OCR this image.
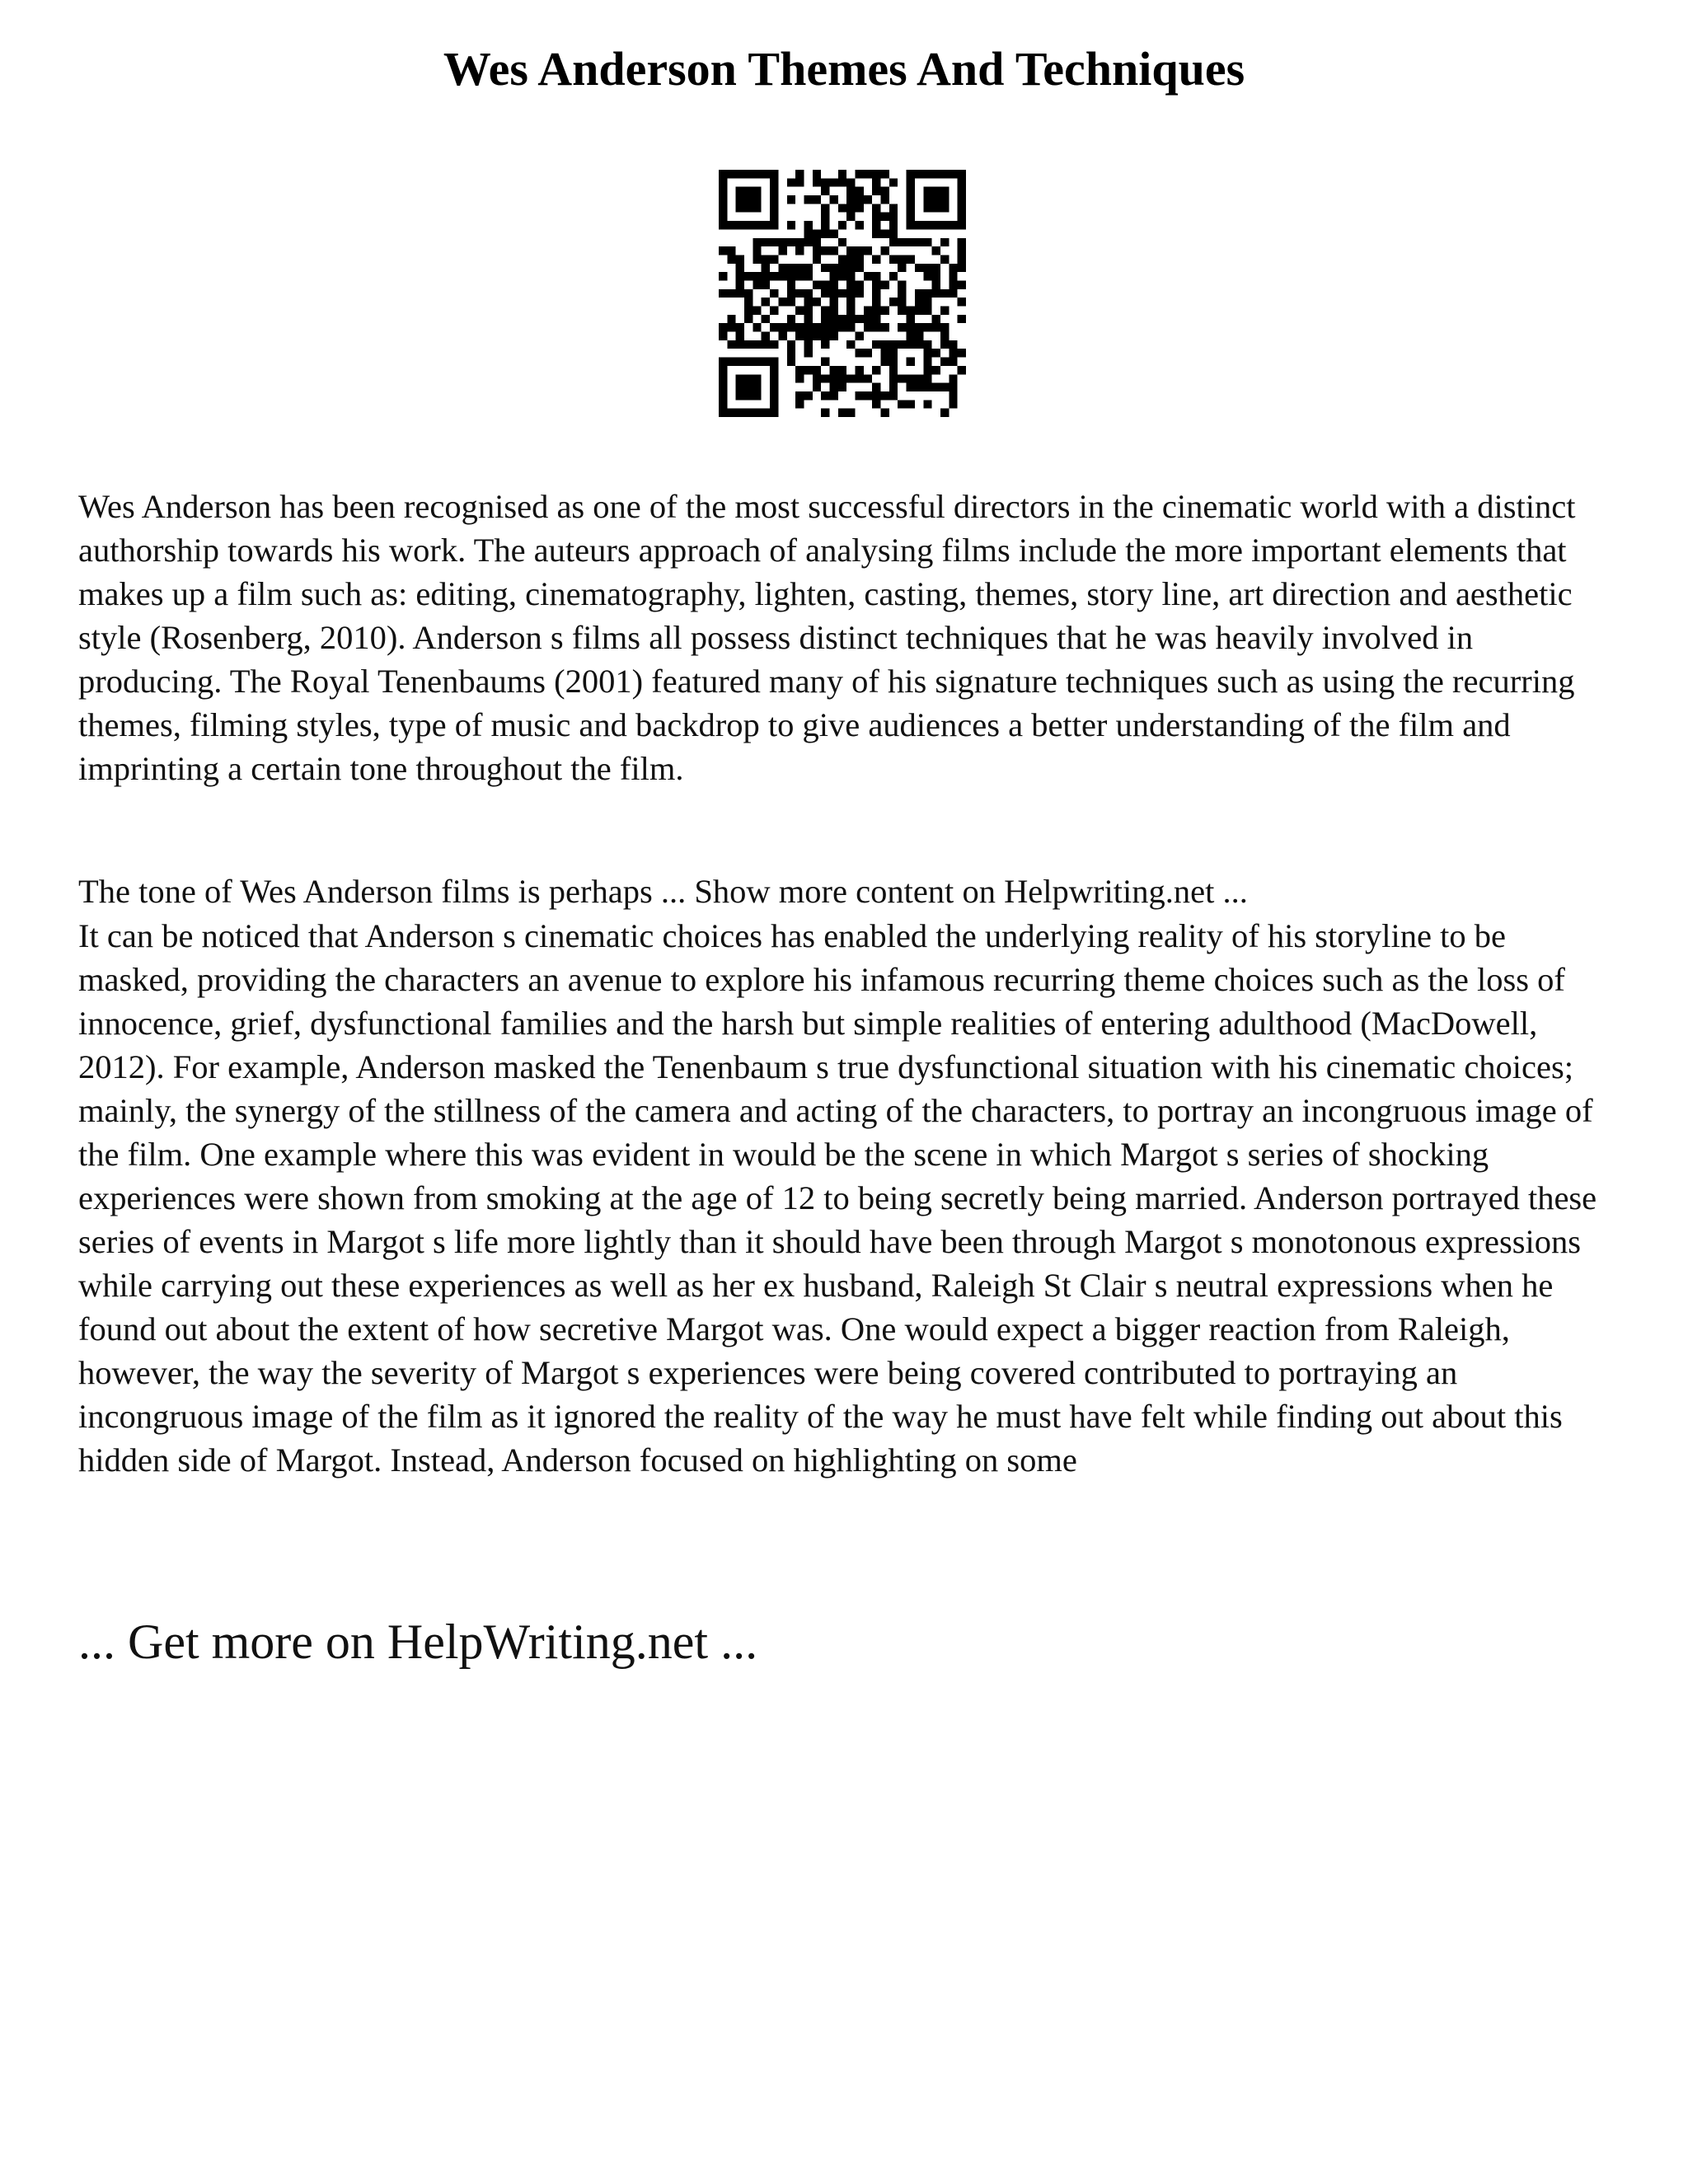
Wes Anderson Themes And Techniques

Wes Anderson has been recognised as one of the most successful directors in the cinematic world with a distinct authorship towards his work. The auteurs approach of analysing films include the more important elements that makes up a film such as: editing, cinematography, lighten, casting, themes, story line, art direction and aesthetic style (Rosenberg, 2010). Anderson s films all possess distinct techniques that he was heavily involved in producing. The Royal Tenenbaums (2001) featured many of his signature techniques such as using the recurring themes, filming styles, type of music and backdrop to give audiences a better understanding of the film and imprinting a certain tone throughout the film.

The tone of Wes Anderson films is perhaps ... Show more content on Helpwriting.net ...

It can be noticed that Anderson s cinematic choices has enabled the underlying reality of his storyline to be masked, providing the characters an avenue to explore his infamous recurring theme choices such as the loss of innocence, grief, dysfunctional families and the harsh but simple realities of entering adulthood (MacDowell, 2012). For example, Anderson masked the Tenenbaum s true dysfunctional situation with his cinematic choices; mainly, the synergy of the stillness of the camera and acting of the characters, to portray an incongruous image of the film. One example where this was evident in would be the scene in which Margot s series of shocking experiences were shown from smoking at the age of 12 to being secretly being married. Anderson portrayed these series of events in Margot s life more lightly than it should have been through Margot s monotonous expressions while carrying out these experiences as well as her ex husband, Raleigh St Clair s neutral expressions when he found out about the extent of how secretive Margot was. One would expect a bigger reaction from Raleigh, however, the way the severity of Margot s experiences were being covered contributed to portraying an incongruous image of the film as it ignored the reality of the way he must have felt while finding out about this hidden side of Margot. Instead, Anderson focused on highlighting on some

... Get more on HelpWriting.net ...
